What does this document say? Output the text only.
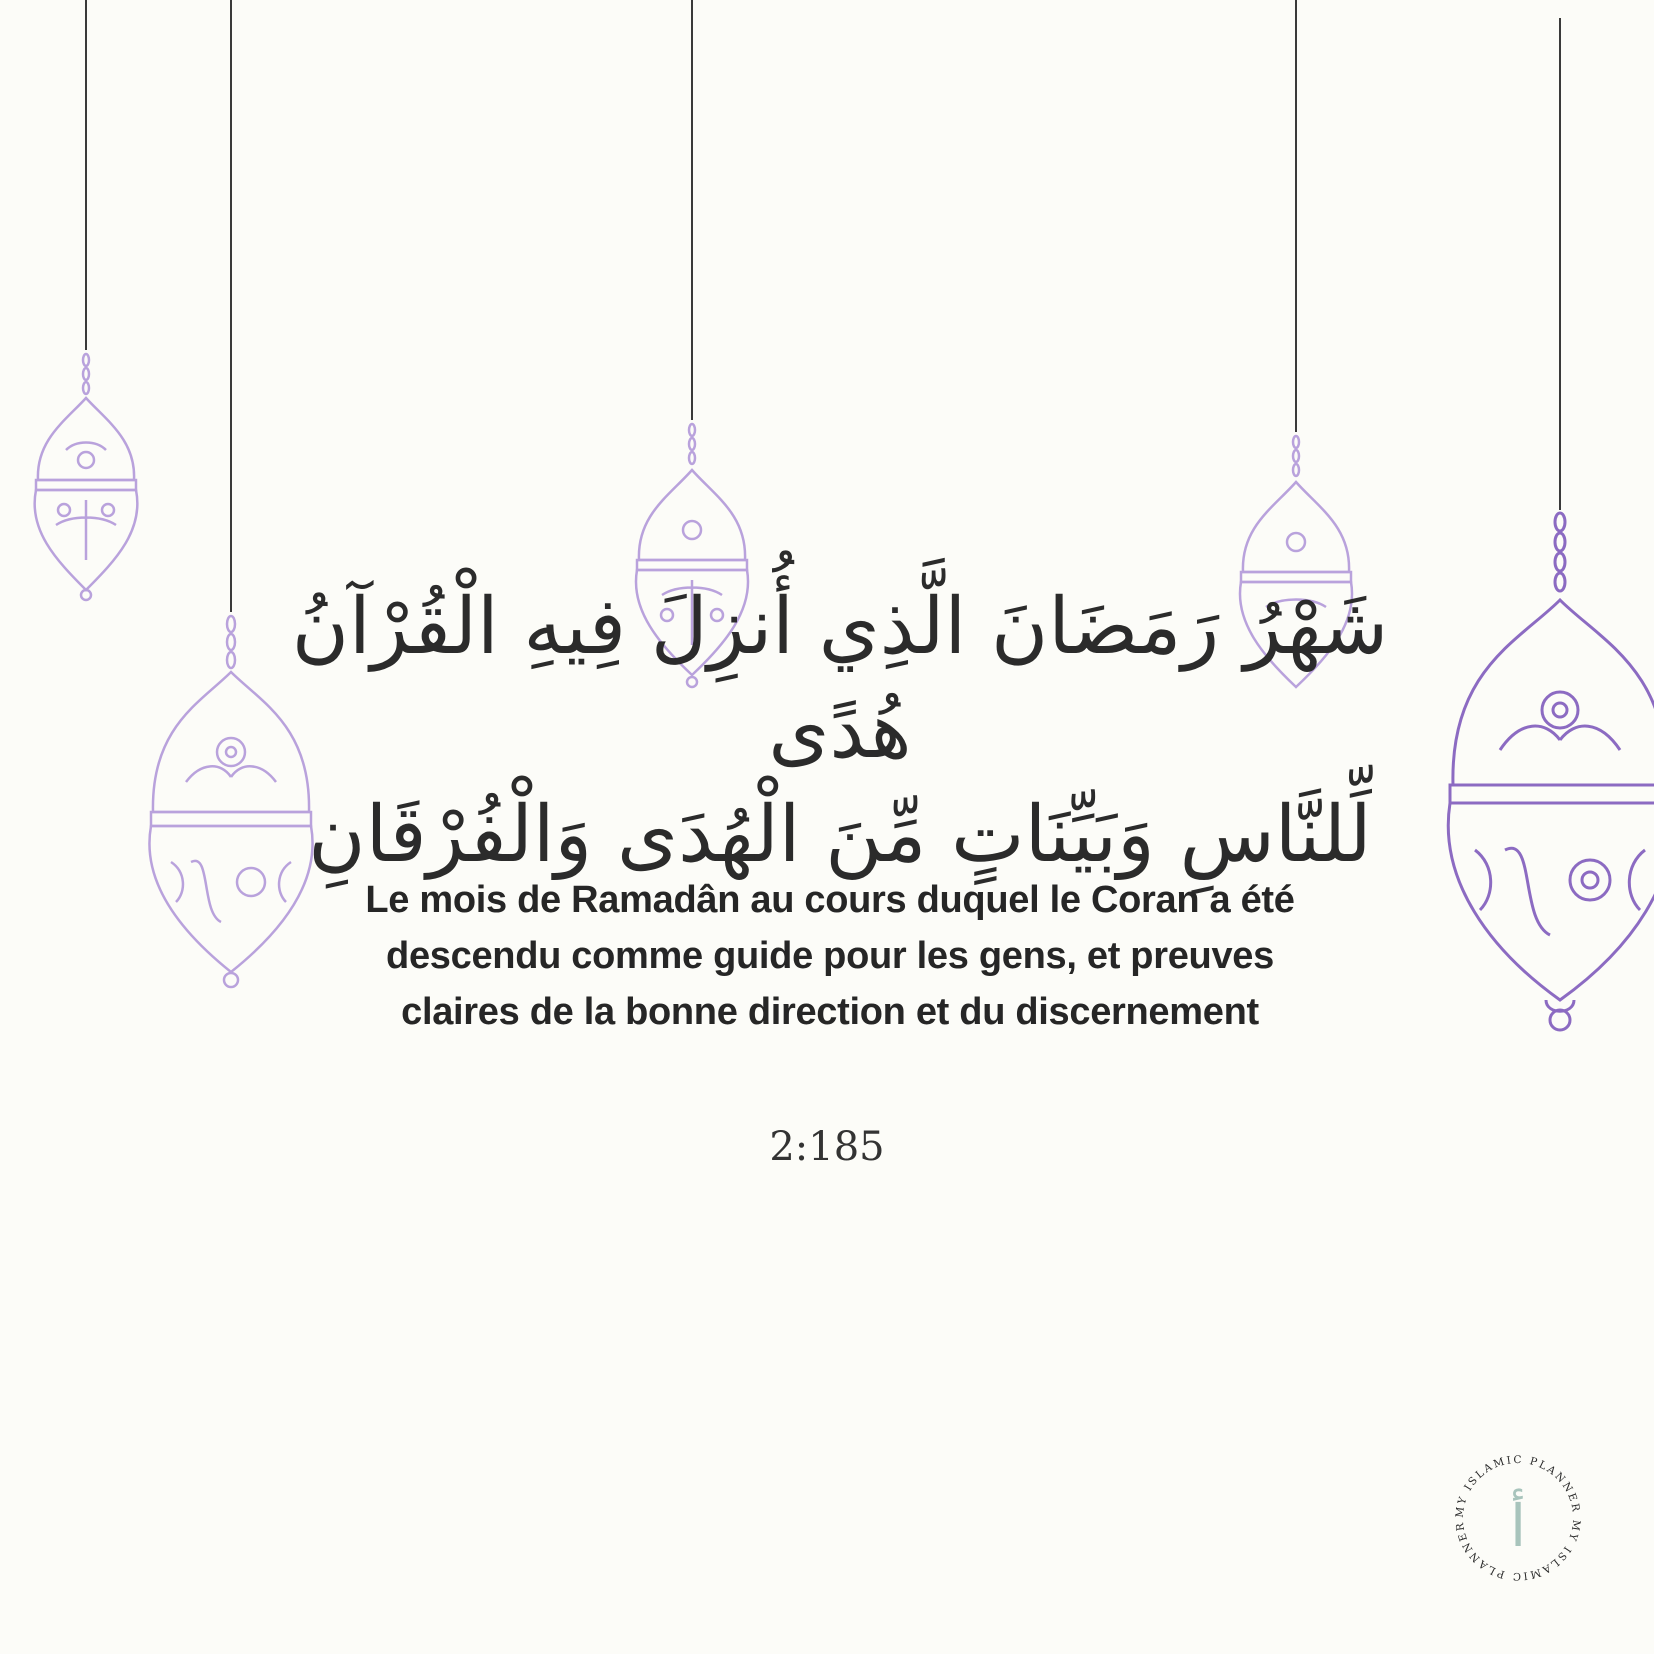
شَهْرُ رَمَضَانَ الَّذِي أُنزِلَ فِيهِ الْقُرْآنُ هُدًى
لِّلنَّاسِ وَبَيِّنَاتٍ مِّنَ الْهُدَى وَالْفُرْقَانِ
Le mois de Ramadân au cours duquel le Coran a été descendu comme guide pour les gens, et preuves claires de la bonne direction et du discernement
2:185
MY ISLAMIC PLANNER MY ISLAMIC PLANNER أ
